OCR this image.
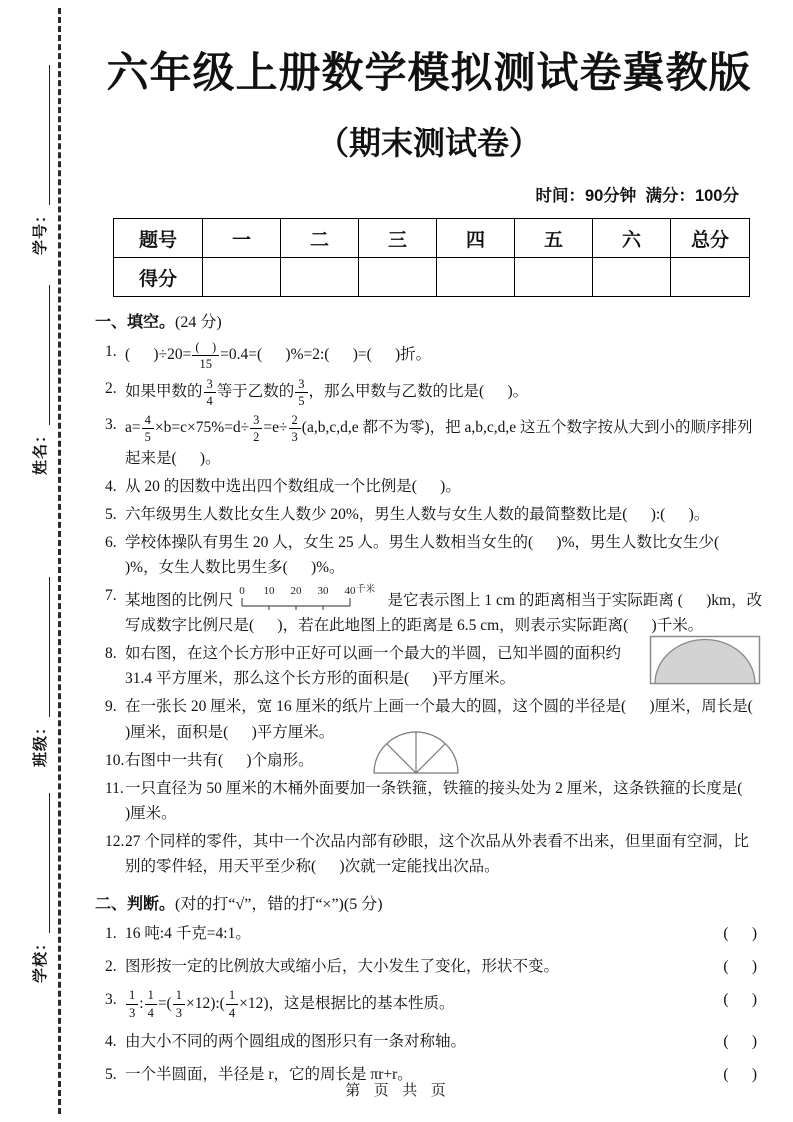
学号：
姓名：
班级：
学校：
六年级上册数学模拟测试卷冀教版
（期末测试卷）
时间：90分钟  满分：100分
题号	一	二	三	四	五	六	总分
得分							
一、填空。(24 分)
1. (      )$\div 20= \frac{( )}{15} =0.4=$(      )%=2:(      )=(      )折。
2. 如果甲数的 $\frac{3}{4}$ 等于乙数的 $\frac{3}{5}$ ，那么甲数与乙数的比是(      )。
3. $a= \frac{4}{5} \times b=c\times 75\%=d\div \frac{3}{2} =e\div \frac{2}{3} (a,b,c,d,e$ 都不为零)，把 a,b,c,d,e 这五个数字按从大到小的顺序排列起来是(      )。
4. 从 20 的因数中选出四个数组成一个比例是(      )。
5. 六年级男生人数比女生人数少 20%，男生人数与女生人数的最简整数比是(      ):(      )。
6. 学校体操队有男生 20 人，女生 25 人。男生人数相当女生的(      )%，男生人数比女生少(      )%，女生人数比男生多(      )%。
7. 某地图的比例尺
0 10 20 30 40 千米
是它表示图上 1 cm 的距离相当于实际距离 (      )km，改写成数字比例尺是(      )，若在此地图上的距离是 6.5 cm，则表示实际距离(      )千米。
8. 如右图，在这个长方形中正好可以画一个最大的半圆，已知半圆的面积约 31.4 平方厘米，那么这个长方形的面积是(      )平方厘米。
9. 在一张长 20 厘米，宽 16 厘米的纸片上画一个最大的圆，这个圆的半径是(      )厘米，周长是(      )厘米，面积是(      )平方厘米。
10. 右图中一共有(      )个扇形。
11. 一只直径为 50 厘米的木桶外面要加一条铁箍，铁箍的接头处为 2 厘米，这条铁箍的长度是(      )厘米。
12. 27 个同样的零件，其中一个次品内部有砂眼，这个次品从外表看不出来，但里面有空洞，比别的零件轻，用天平至少称(      )次就一定能找出次品。
二、判断。(对的打“√”，错的打“×”)(5 分)
1. 16 吨:4 千克=4:1。	(      )
2. 图形按一定的比例放大或缩小后，大小发生了变化，形状不变。	(      )
3. $\frac{1}{3}$ : $\frac{1}{4}$ =( $\frac{1}{3}$ ×12):( $\frac{1}{4} \times 12$)，这是根据比的基本性质。	(      )
4. 由大小不同的两个圆组成的图形只有一条对称轴。	(      )
5. 一个半圆面，半径是 r，它的周长是 πr+r。	(      )
第  页  共  页
